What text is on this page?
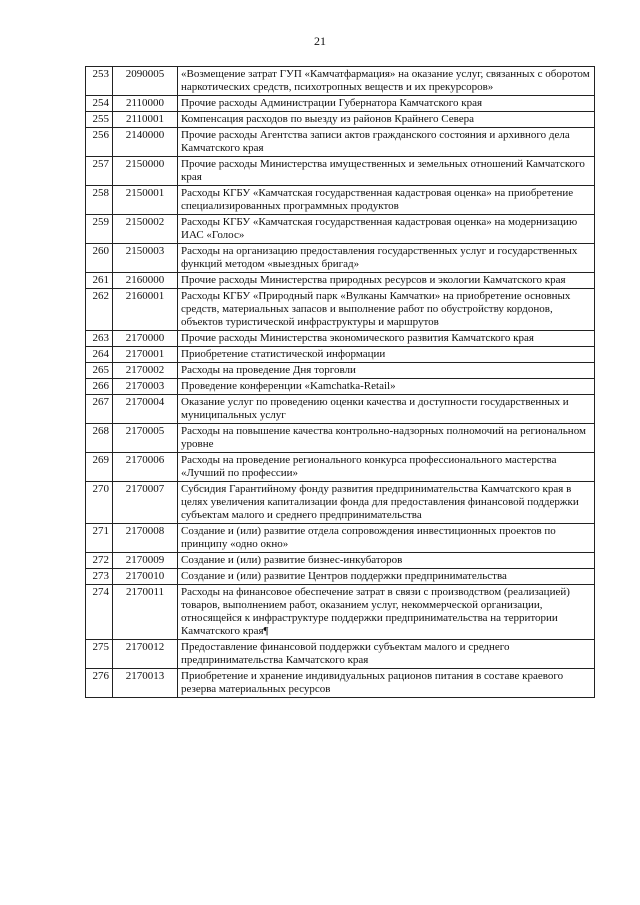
21
253	2090005	«Возмещение затрат ГУП «Камчатфармация» на оказание услуг, связанных с оборотом наркотических средств, психотропных веществ и их прекурсоров»
254	2110000	Прочие расходы Администрации Губернатора Камчатского края
255	2110001	Компенсация расходов по выезду из районов Крайнего Севера
256	2140000	Прочие расходы Агентства записи актов гражданского состояния и архивного дела Камчатского края
257	2150000	Прочие расходы Министерства имущественных и земельных отношений Камчатского края
258	2150001	Расходы КГБУ «Камчатская государственная кадастровая оценка» на приобретение специализированных программных продуктов
259	2150002	Расходы КГБУ «Камчатская государственная кадастровая оценка» на модернизацию ИАС «Голос»
260	2150003	Расходы на организацию предоставления государственных услуг и государственных функций методом «выездных бригад»
261	2160000	Прочие расходы Министерства природных ресурсов и экологии Камчатского края
262	2160001	Расходы КГБУ «Природный парк «Вулканы Камчатки» на приобретение основных средств, материальных запасов и выполнение работ по обустройству кордонов, объектов туристической инфраструктуры и маршрутов
263	2170000	Прочие расходы Министерства экономического развития Камчатского края
264	2170001	Приобретение статистической информации
265	2170002	Расходы на проведение Дня торговли
266	2170003	Проведение конференции «Kamchatka-Retail»
267	2170004	Оказание услуг по проведению оценки качества и доступности государственных и муниципальных услуг
268	2170005	Расходы на повышение качества контрольно-надзорных полномочий на региональном уровне
269	2170006	Расходы на проведение регионального конкурса профессионального мастерства «Лучший по профессии»
270	2170007	Субсидия Гарантийному фонду развития предпринимательства Камчатского края в целях увеличения капитализации фонда для предоставления финансовой поддержки субъектам малого и среднего предпринимательства
271	2170008	Создание и (или) развитие отдела сопровождения инвестиционных проектов по принципу «одно окно»
272	2170009	Создание и (или) развитие бизнес-инкубаторов
273	2170010	Создание и (или) развитие Центров поддержки предпринимательства
274	2170011	Расходы на финансовое обеспечение затрат в связи с производством (реализацией) товаров, выполнением работ, оказанием услуг, некоммерческой организации, относящейся к инфраструктуре поддержки предпринимательства на территории Камчатского края¶
275	2170012	Предоставление финансовой поддержки субъектам малого и среднего предпринимательства Камчатского края
276	2170013	Приобретение и хранение индивидуальных рационов питания в составе краевого резерва материальных ресурсов
